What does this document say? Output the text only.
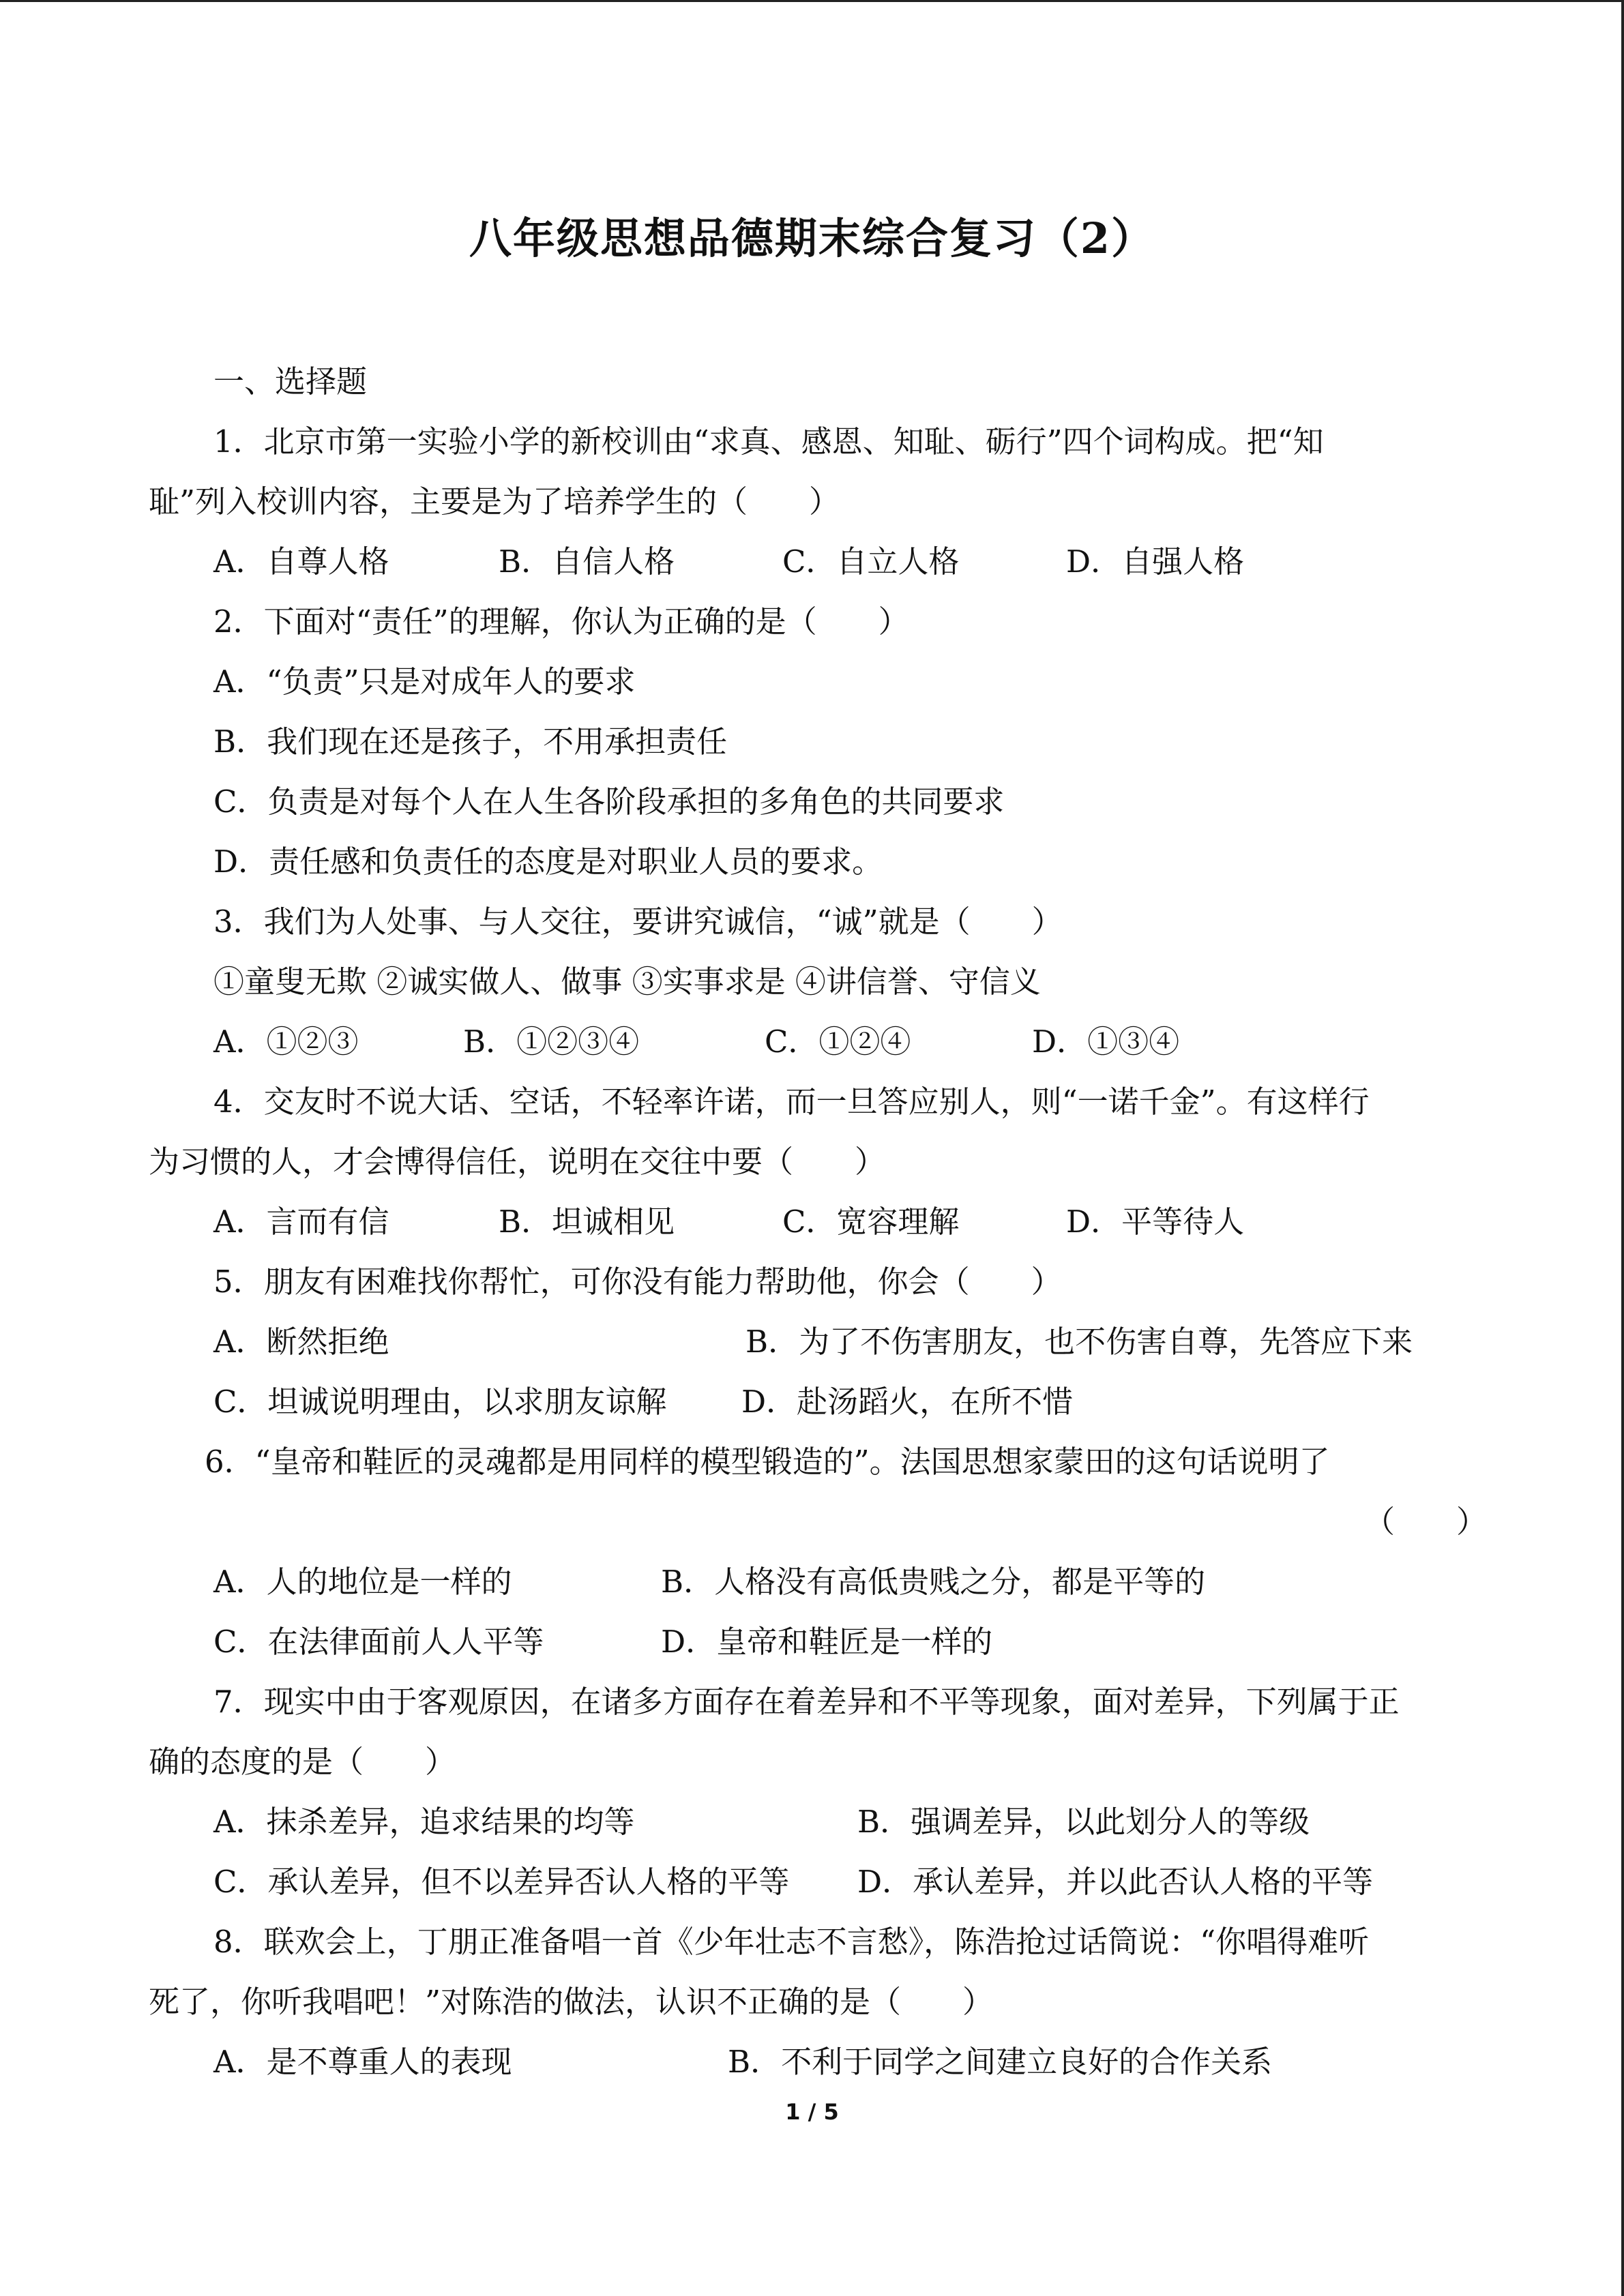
八年级思想品德期末综合复习（2）
一、选择题
1．北京市第一实验小学的新校训由“求真、感恩、知耻、砺行”四个词构成。把“知
耻”列入校训内容，主要是为了培养学生的（　　）
A．自尊人格	B．自信人格	C．自立人格	D．自强人格
2．下面对“责任”的理解，你认为正确的是（　　）
A．“负责”只是对成年人的要求
B．我们现在还是孩子，不用承担责任
C．负责是对每个人在人生各阶段承担的多角色的共同要求
D．责任感和负责任的态度是对职业人员的要求。
3．我们为人处事、与人交往，要讲究诚信，“诚”就是（　　）
①童叟无欺 ②诚实做人、做事 ③实事求是 ④讲信誉、守信义
A．①②③	B．①②③④	C．①②④	D．①③④
4．交友时不说大话、空话，不轻率许诺，而一旦答应别人，则“一诺千金”。有这样行
为习惯的人，才会博得信任，说明在交往中要（　　）
A．言而有信	B．坦诚相见	C．宽容理解	D．平等待人
5．朋友有困难找你帮忙，可你没有能力帮助他，你会（　　）
A．断然拒绝	B．为了不伤害朋友，也不伤害自尊，先答应下来
C．坦诚说明理由，以求朋友谅解 D．赴汤蹈火，在所不惜
6．“皇帝和鞋匠的灵魂都是用同样的模型锻造的”。法国思想家蒙田的这句话说明了
（　　）
A．人的地位是一样的	B．人格没有高低贵贱之分，都是平等的
C．在法律面前人人平等	D．皇帝和鞋匠是一样的
7．现实中由于客观原因，在诸多方面存在着差异和不平等现象，面对差异，下列属于正
确的态度的是（　　）
A．抹杀差异，追求结果的均等	B．强调差异，以此划分人的等级
C．承认差异，但不以差异否认人格的平等 D．承认差异，并以此否认人格的平等
8．联欢会上，丁朋正准备唱一首《少年壮志不言愁》，陈浩抢过话筒说：“你唱得难听
死了，你听我唱吧！”对陈浩的做法，认识不正确的是（　　）
A．是不尊重人的表现	B．不利于同学之间建立良好的合作关系
1 / 5
